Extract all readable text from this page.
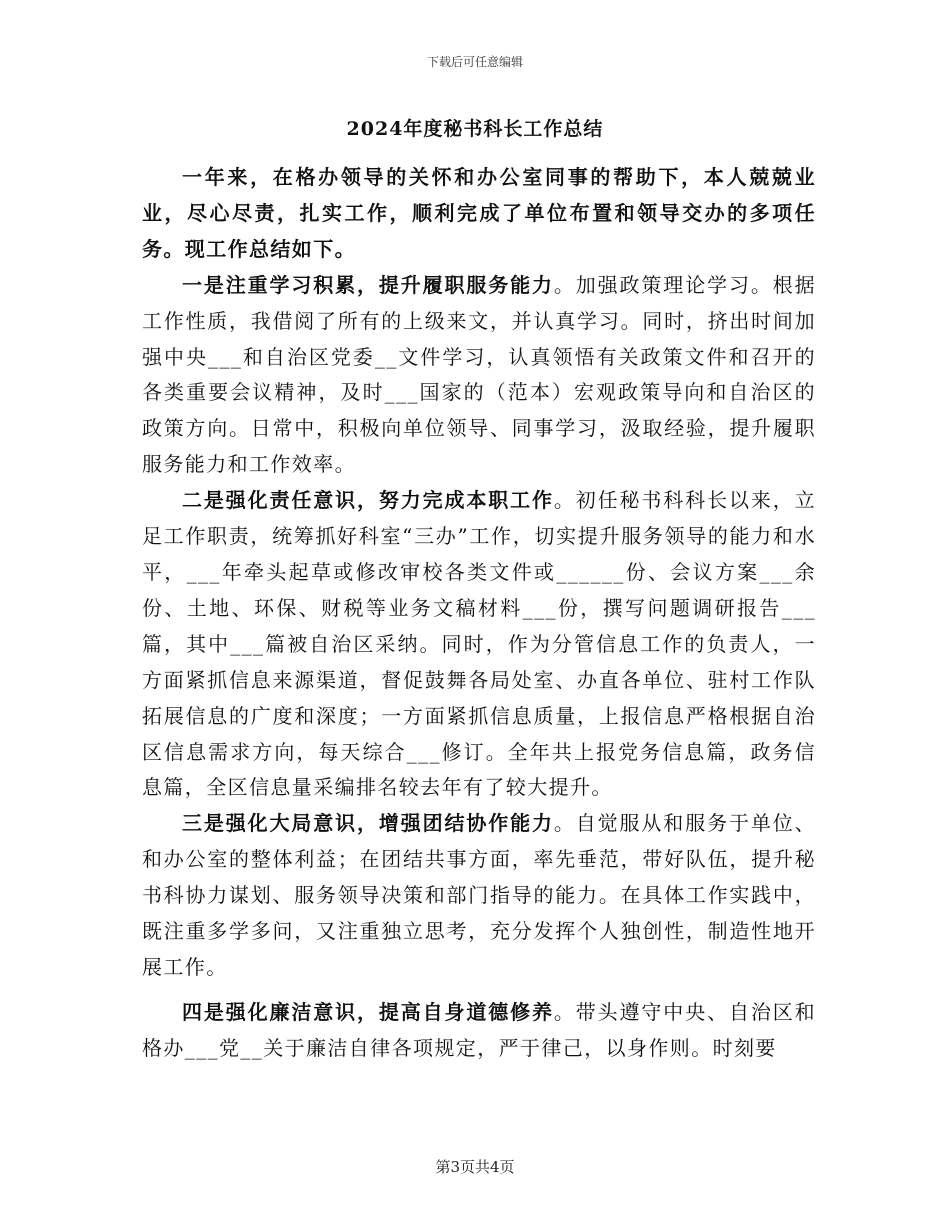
下载后可任意编辑
2024年度秘书科长工作总结

一年来，在格办领导的关怀和办公室同事的帮助下，本人兢兢业业，尽心尽责，扎实工作，顺利完成了单位布置和领导交办的多项任务。现工作总结如下。

一是注重学习积累，提升履职服务能力。加强政策理论学习。根据工作性质，我借阅了所有的上级来文，并认真学习。同时，挤出时间加强中央___和自治区党委__文件学习，认真领悟有关政策文件和召开的各类重要会议精神，及时___国家的（范本）宏观政策导向和自治区的政策方向。日常中，积极向单位领导、同事学习，汲取经验，提升履职服务能力和工作效率。

二是强化责任意识，努力完成本职工作。初任秘书科科长以来，立足工作职责，统筹抓好科室“三办”工作，切实提升服务领导的能力和水平，___年牵头起草或修改审校各类文件或______份、会议方案___余份、土地、环保、财税等业务文稿材料___份，撰写问题调研报告___篇，其中___篇被自治区采纳。同时，作为分管信息工作的负责人，一方面紧抓信息来源渠道，督促鼓舞各局处室、办直各单位、驻村工作队拓展信息的广度和深度；一方面紧抓信息质量，上报信息严格根据自治区信息需求方向，每天综合___修订。全年共上报党务信息篇，政务信息篇，全区信息量采编排名较去年有了较大提升。

三是强化大局意识，增强团结协作能力。自觉服从和服务于单位、和办公室的整体利益；在团结共事方面，率先垂范，带好队伍，提升秘书科协力谋划、服务领导决策和部门指导的能力。在具体工作实践中，既注重多学多问，又注重独立思考，充分发挥个人独创性，制造性地开展工作。

四是强化廉洁意识，提高自身道德修养。带头遵守中央、自治区和格办___党__关于廉洁自律各项规定，严于律己，以身作则。时刻要

第3页共4页
